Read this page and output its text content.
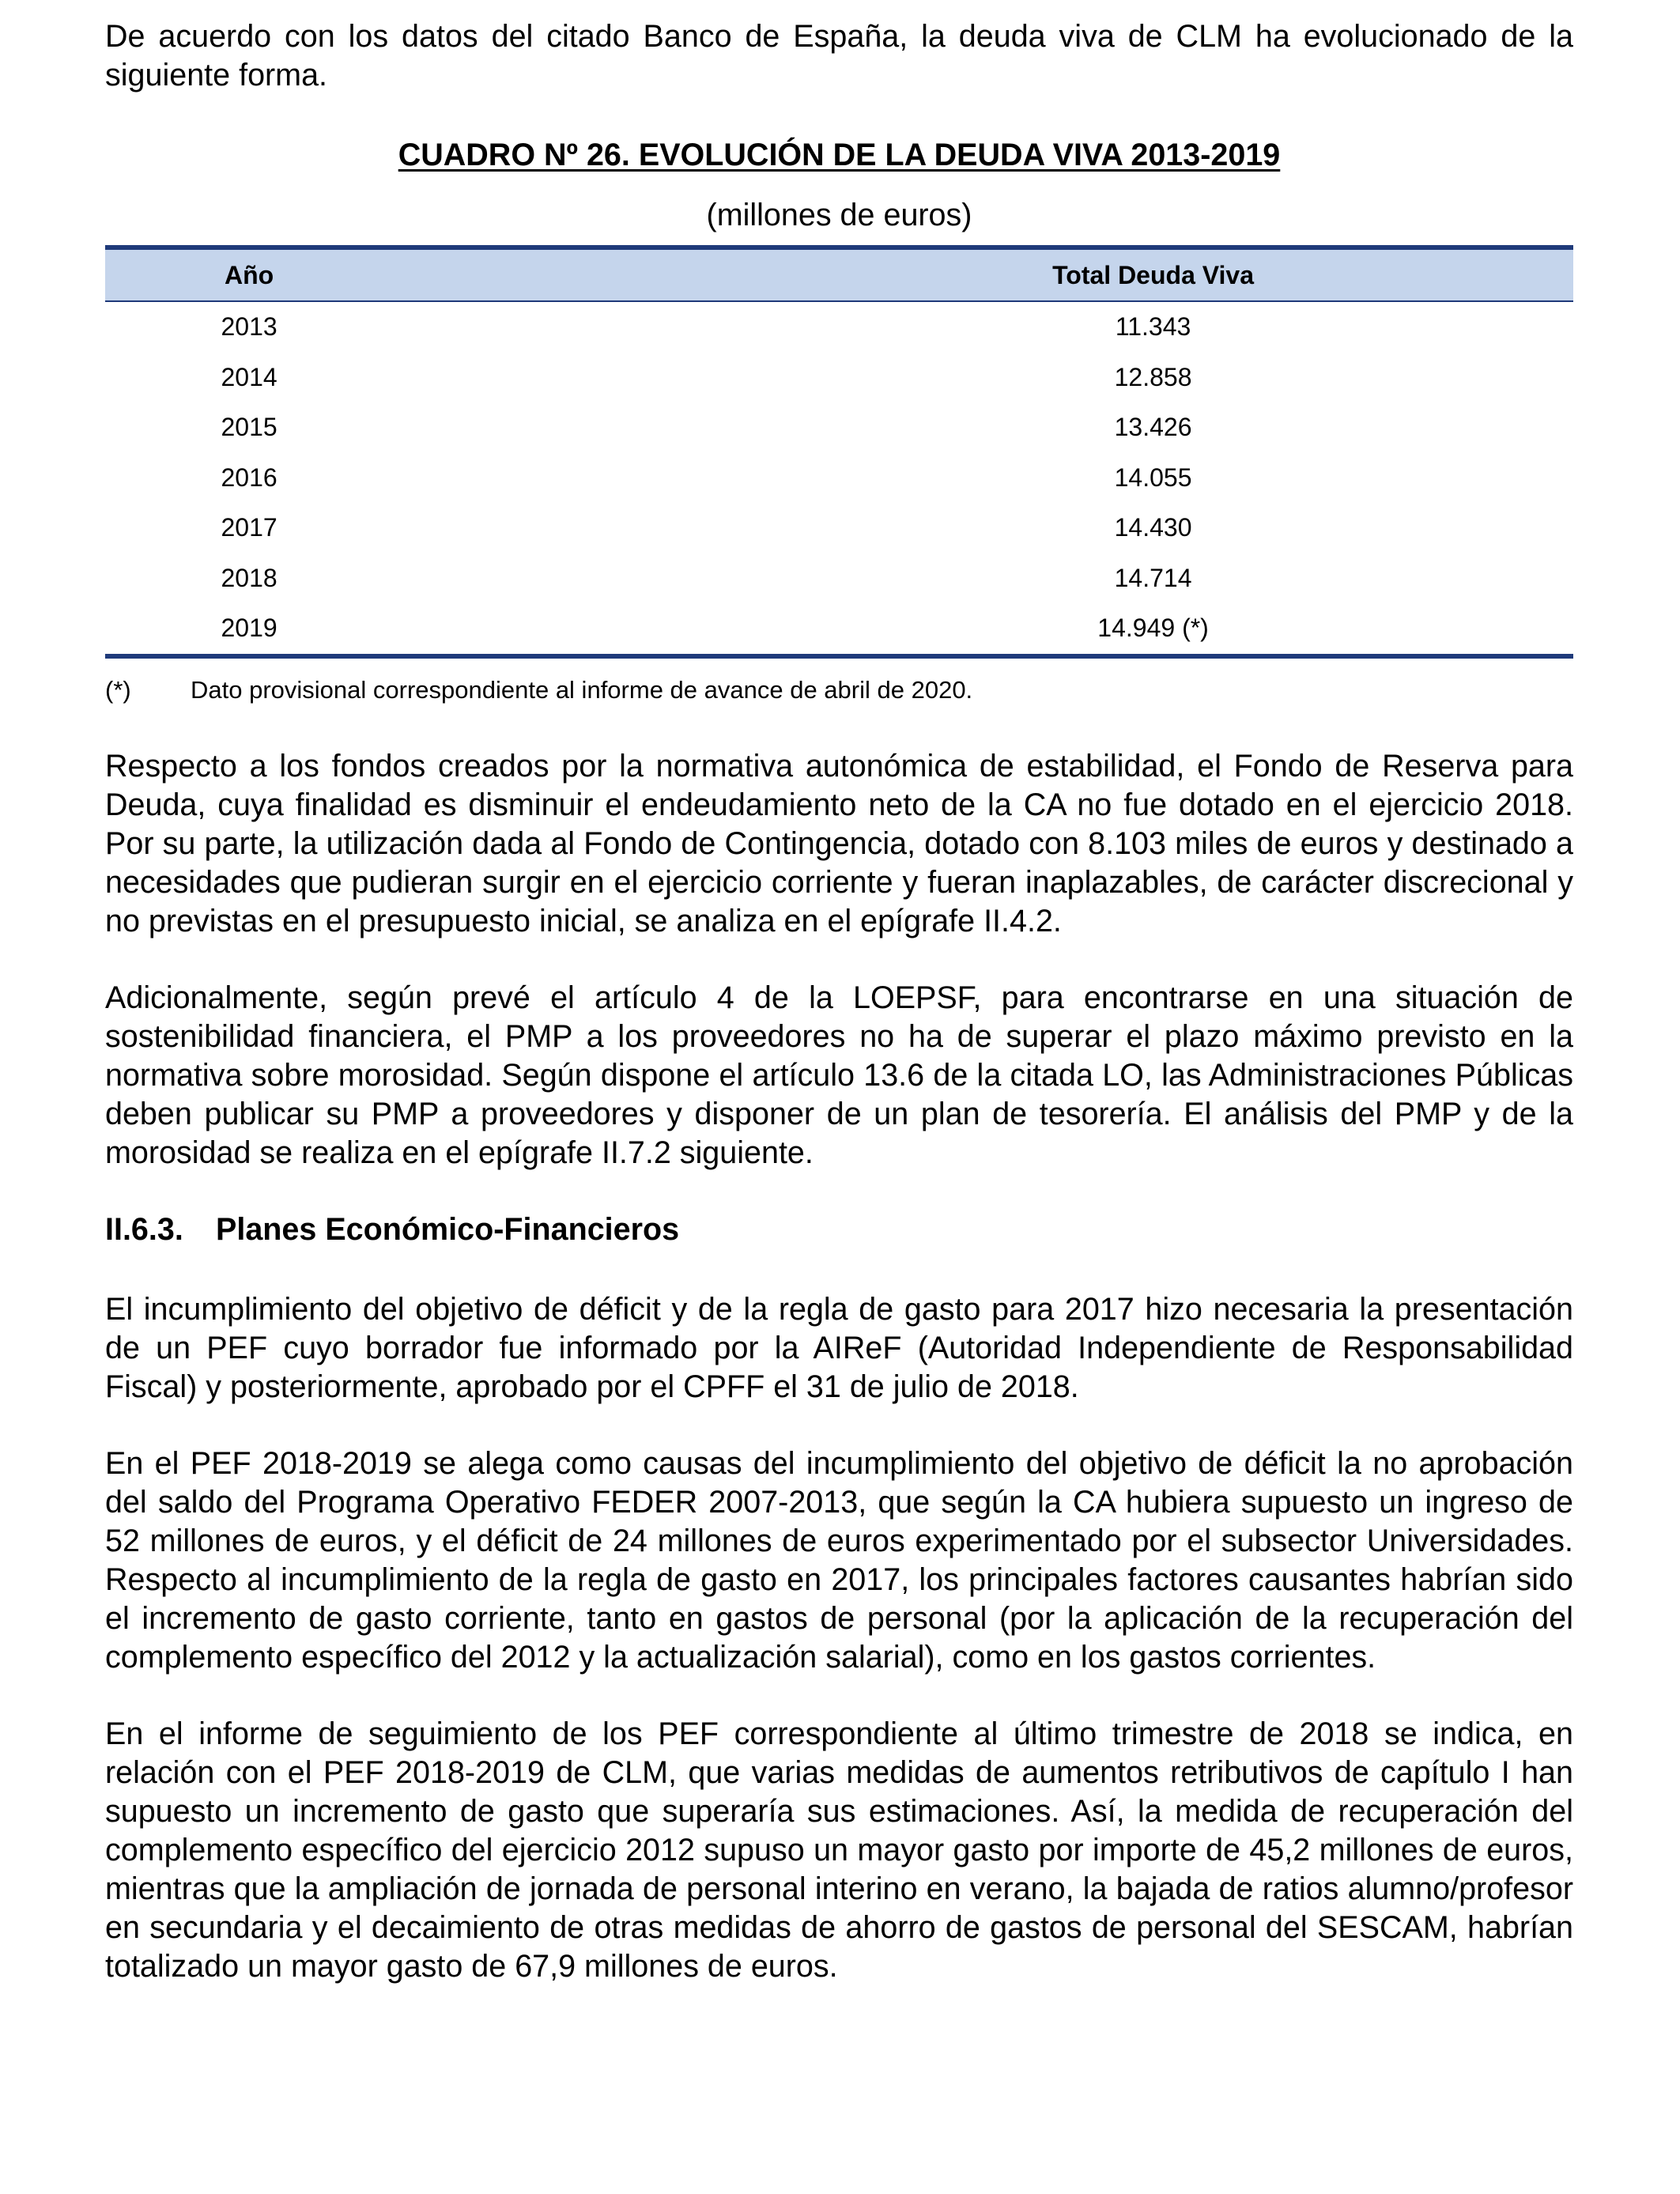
De acuerdo con los datos del citado Banco de España, la deuda viva de CLM ha evolucionado de la siguiente forma.

CUADRO Nº 26. EVOLUCIÓN DE LA DEUDA VIVA 2013-2019
(millones de euros)
Año	Total Deuda Viva
2013	11.343
2014	12.858
2015	13.426
2016	14.055
2017	14.430
2018	14.714
2019	14.949 (*)
(*)	Dato provisional correspondiente al informe de avance de abril de 2020.

Respecto a los fondos creados por la normativa autonómica de estabilidad, el Fondo de Reserva para Deuda, cuya finalidad es disminuir el endeudamiento neto de la CA no fue dotado en el ejercicio 2018. Por su parte, la utilización dada al Fondo de Contingencia, dotado con 8.103 miles de euros y destinado a necesidades que pudieran surgir en el ejercicio corriente y fueran inaplazables, de carácter discrecional y no previstas en el presupuesto inicial, se analiza en el epígrafe II.4.2.

Adicionalmente, según prevé el artículo 4 de la LOEPSF, para encontrarse en una situación de sostenibilidad financiera, el PMP a los proveedores no ha de superar el plazo máximo previsto en la normativa sobre morosidad. Según dispone el artículo 13.6 de la citada LO, las Administraciones Públicas deben publicar su PMP a proveedores y disponer de un plan de tesorería. El análisis del PMP y de la morosidad se realiza en el epígrafe II.7.2 siguiente.

II.6.3.	Planes Económico-Financieros

El incumplimiento del objetivo de déficit y de la regla de gasto para 2017 hizo necesaria la presentación de un PEF cuyo borrador fue informado por la AIReF (Autoridad Independiente de Responsabilidad Fiscal) y posteriormente, aprobado por el CPFF el 31 de julio de 2018.

En el PEF 2018-2019 se alega como causas del incumplimiento del objetivo de déficit la no aprobación del saldo del Programa Operativo FEDER 2007-2013, que según la CA hubiera supuesto un ingreso de 52 millones de euros, y el déficit de 24 millones de euros experimentado por el subsector Universidades. Respecto al incumplimiento de la regla de gasto en 2017, los principales factores causantes habrían sido el incremento de gasto corriente, tanto en gastos de personal (por la aplicación de la recuperación del complemento específico del 2012 y la actualización salarial), como en los gastos corrientes.

En el informe de seguimiento de los PEF correspondiente al último trimestre de 2018 se indica, en relación con el PEF 2018-2019 de CLM, que varias medidas de aumentos retributivos de capítulo I han supuesto un incremento de gasto que superaría sus estimaciones. Así, la medida de recuperación del complemento específico del ejercicio 2012 supuso un mayor gasto por importe de 45,2 millones de euros, mientras que la ampliación de jornada de personal interino en verano, la bajada de ratios alumno/profesor en secundaria y el decaimiento de otras medidas de ahorro de gastos de personal del SESCAM, habrían totalizado un mayor gasto de 67,9 millones de euros.
